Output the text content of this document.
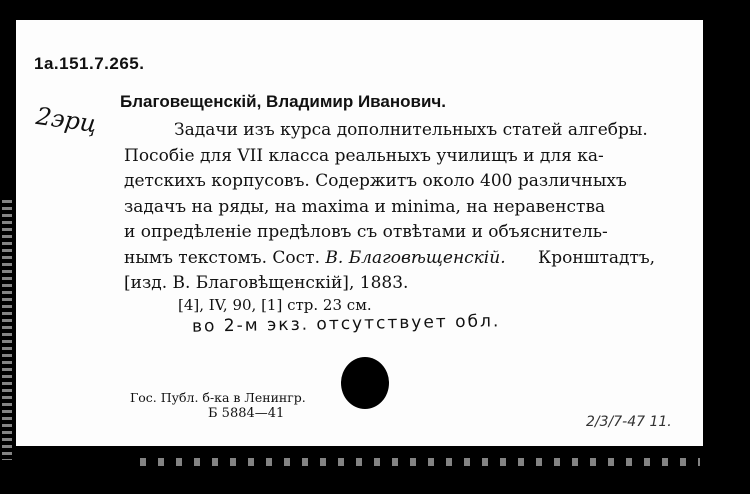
1a.151.7.265.
2эрц
Благовещенскій, Владимир Иванович.
Задачи изъ курса дополнительныхъ статей алгебры.
Пособіе для VII класса реальныхъ училищъ и для ка-
детскихъ корпусовъ. Содержитъ около 400 различныхъ
задачъ на ряды, на maxima и minima, на неравенства
и опредѣленіе предѣловъ съ отвѣтами и объяснитель-
нымъ текстомъ. Сост. В. Благовѣщенскій. Кронштадтъ,
[изд. В. Благовѣщенскій], 1883.
[4], IV, 90, [1] стр. 23 см.
во 2-м экз. отсутствует обл.
Гос. Публ. б-ка в Ленингр.
Б 5884—41
2/3/7-47 11.
